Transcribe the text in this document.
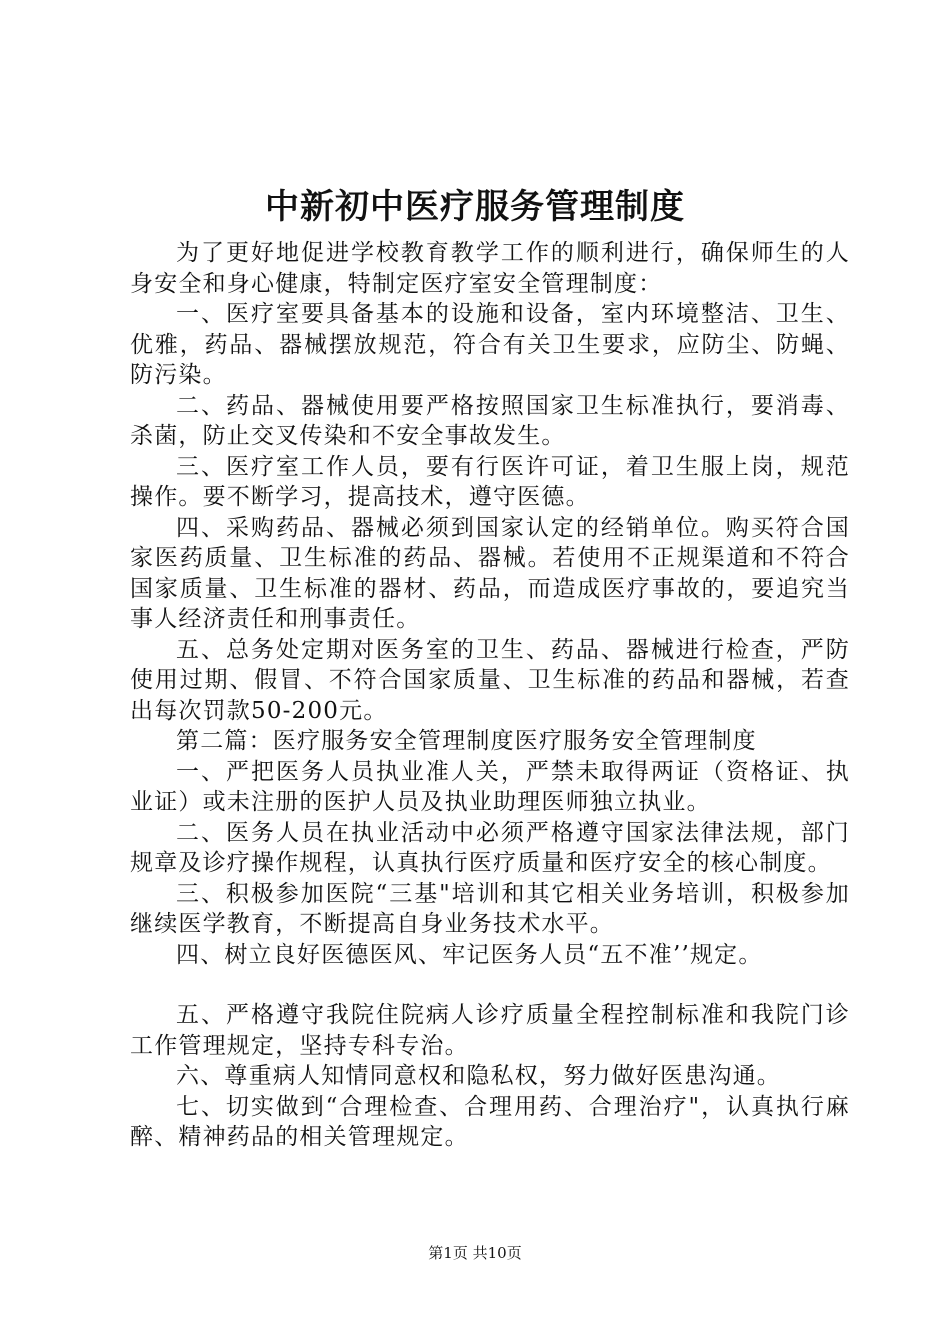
中新初中医疗服务管理制度

为了更好地促进学校教育教学工作的顺利进行，确保师生的人身安全和身心健康，特制定医疗室安全管理制度：

一、医疗室要具备基本的设施和设备，室内环境整洁、卫生、优雅，药品、器械摆放规范，符合有关卫生要求，应防尘、防蝇、防污染。

二、药品、器械使用要严格按照国家卫生标准执行，要消毒、杀菌，防止交叉传染和不安全事故发生。

三、医疗室工作人员，要有行医许可证，着卫生服上岗，规范操作。要不断学习，提高技术，遵守医德。

四、采购药品、器械必须到国家认定的经销单位。购买符合国家医药质量、卫生标准的药品、器械。若使用不正规渠道和不符合国家质量、卫生标准的器材、药品，而造成医疗事故的，要追究当事人经济责任和刑事责任。

五、总务处定期对医务室的卫生、药品、器械进行检查，严防使用过期、假冒、不符合国家质量、卫生标准的药品和器械，若查出每次罚款50-200元。

第二篇：医疗服务安全管理制度医疗服务安全管理制度

一、严把医务人员执业准人关，严禁未取得两证（资格证、执业证）或未注册的医护人员及执业助理医师独立执业。

二、医务人员在执业活动中必须严格遵守国家法律法规，部门规章及诊疗操作规程，认真执行医疗质量和医疗安全的核心制度。

三、积极参加医院“三基"培训和其它相关业务培训，积极参加继续医学教育，不断提高自身业务技术水平。

四、树立良好医德医风、牢记医务人员“五不准’’规定。

五、严格遵守我院住院病人诊疗质量全程控制标准和我院门诊工作管理规定，坚持专科专治。

六、尊重病人知情同意权和隐私权，努力做好医患沟通。

七、切实做到“合理检查、合理用药、合理治疗"，认真执行麻醉、精神药品的相关管理规定。

第1页 共10页
